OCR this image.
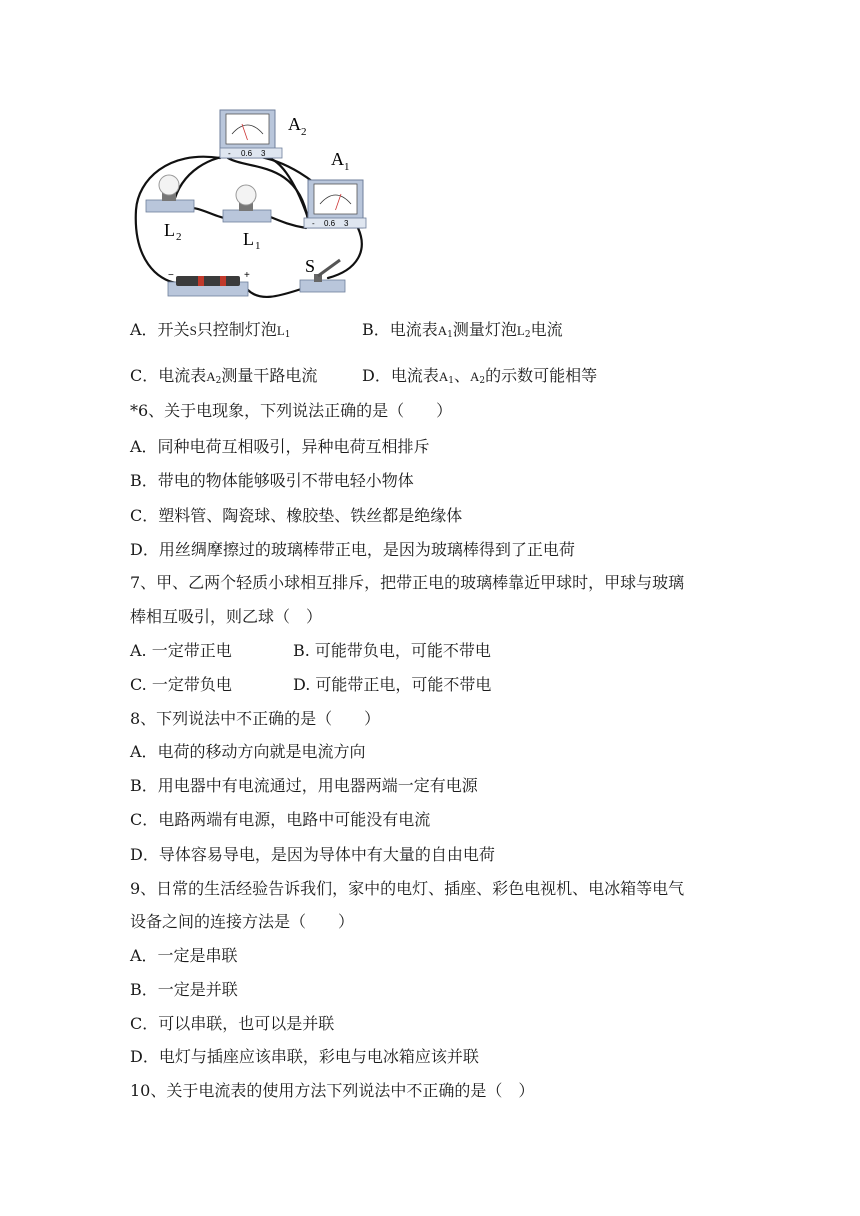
- 0.6 3
A 2
- 0.6 3
A 1
L 2	L 1
−	+	S
A．开关S只控制灯泡$L_1$	B．电流表$A_1$测量灯泡$L_2$电流
C．电流表$A_2$测量干路电流	D．电流表$A_1$、$A_2$的示数可能相等
*6、关于电现象，下列说法正确的是（　　）
A．同种电荷互相吸引，异种电荷互相排斥
B．带电的物体能够吸引不带电轻小物体
C．塑料管、陶瓷球、橡胶垫、铁丝都是绝缘体
D．用丝绸摩擦过的玻璃棒带正电，是因为玻璃棒得到了正电荷
7、甲、乙两个轻质小球相互排斥，把带正电的玻璃棒靠近甲球时，甲球与玻璃
棒相互吸引，则乙球（　）
A. 一定带正电	B. 可能带负电，可能不带电
C. 一定带负电	D. 可能带正电，可能不带电
8、下列说法中不正确的是（　　）
A．电荷的移动方向就是电流方向
B．用电器中有电流通过，用电器两端一定有电源
C．电路两端有电源，电路中可能没有电流
D．导体容易导电，是因为导体中有大量的自由电荷
9、日常的生活经验告诉我们，家中的电灯、插座、彩色电视机、电冰箱等电气
设备之间的连接方法是（　　）
A．一定是串联
B．一定是并联
C．可以串联，也可以是并联
D．电灯与插座应该串联，彩电与电冰箱应该并联
10、关于电流表的使用方法下列说法中不正确的是（　）
